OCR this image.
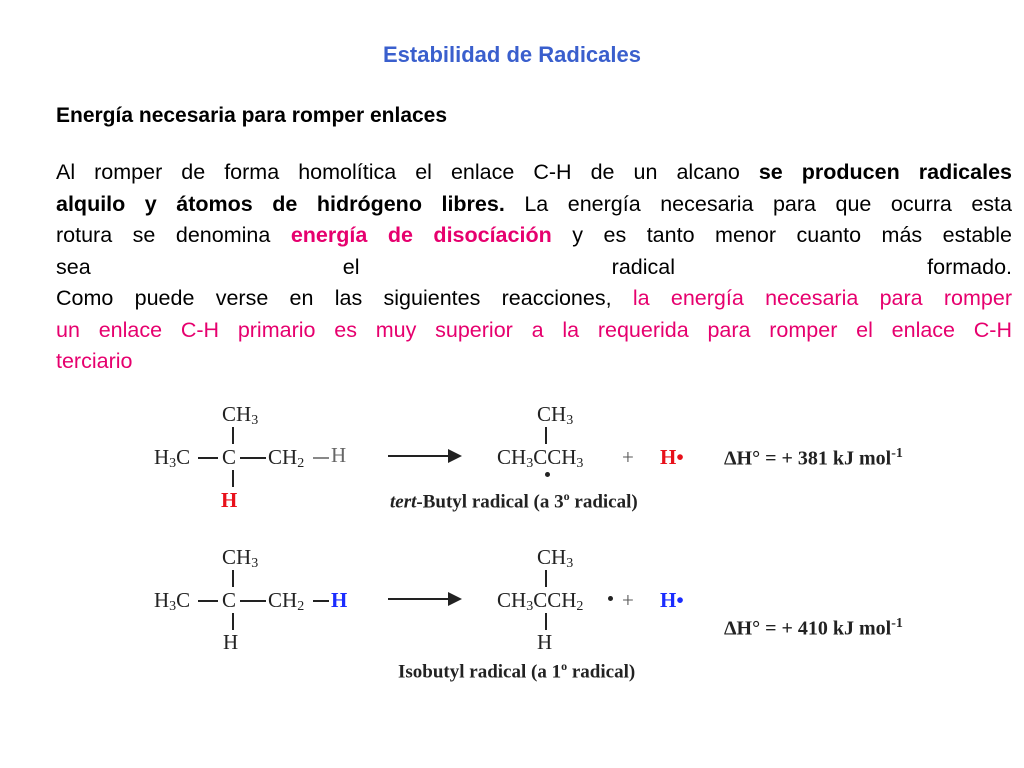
Estabilidad de Radicales
Energía necesaria para romper enlaces
Al romper de forma homolítica el enlace C-H de un alcano se producen radicales
alquilo y átomos de hidrógeno libres. La energía necesaria para que ocurra esta
rotura se denomina energía de disocíación y es tanto menor cuanto más estable
sea el radical formado.
Como puede verse en las siguientes reacciones, la energía necesaria para romper
un enlace C-H primario es muy superior a la requerida para romper el enlace C-H
terciario
$CH_3$
$H_3C$ C $CH_2$ H
H
$CH_3$
$CH_3CCH_3$ + H• ΔH° = + 381 kJ mol$^{-1}$
tert-Butyl radical (a 3$^o$ radical)
$CH_3$
$H_3C$ C $CH_2$ H
H
$CH_3$
$CH_3CCH_2$
H
+ H•
ΔH° = + 410 kJ mol$^{-1}$
Isobutyl radical (a 1$^o$ radical)
